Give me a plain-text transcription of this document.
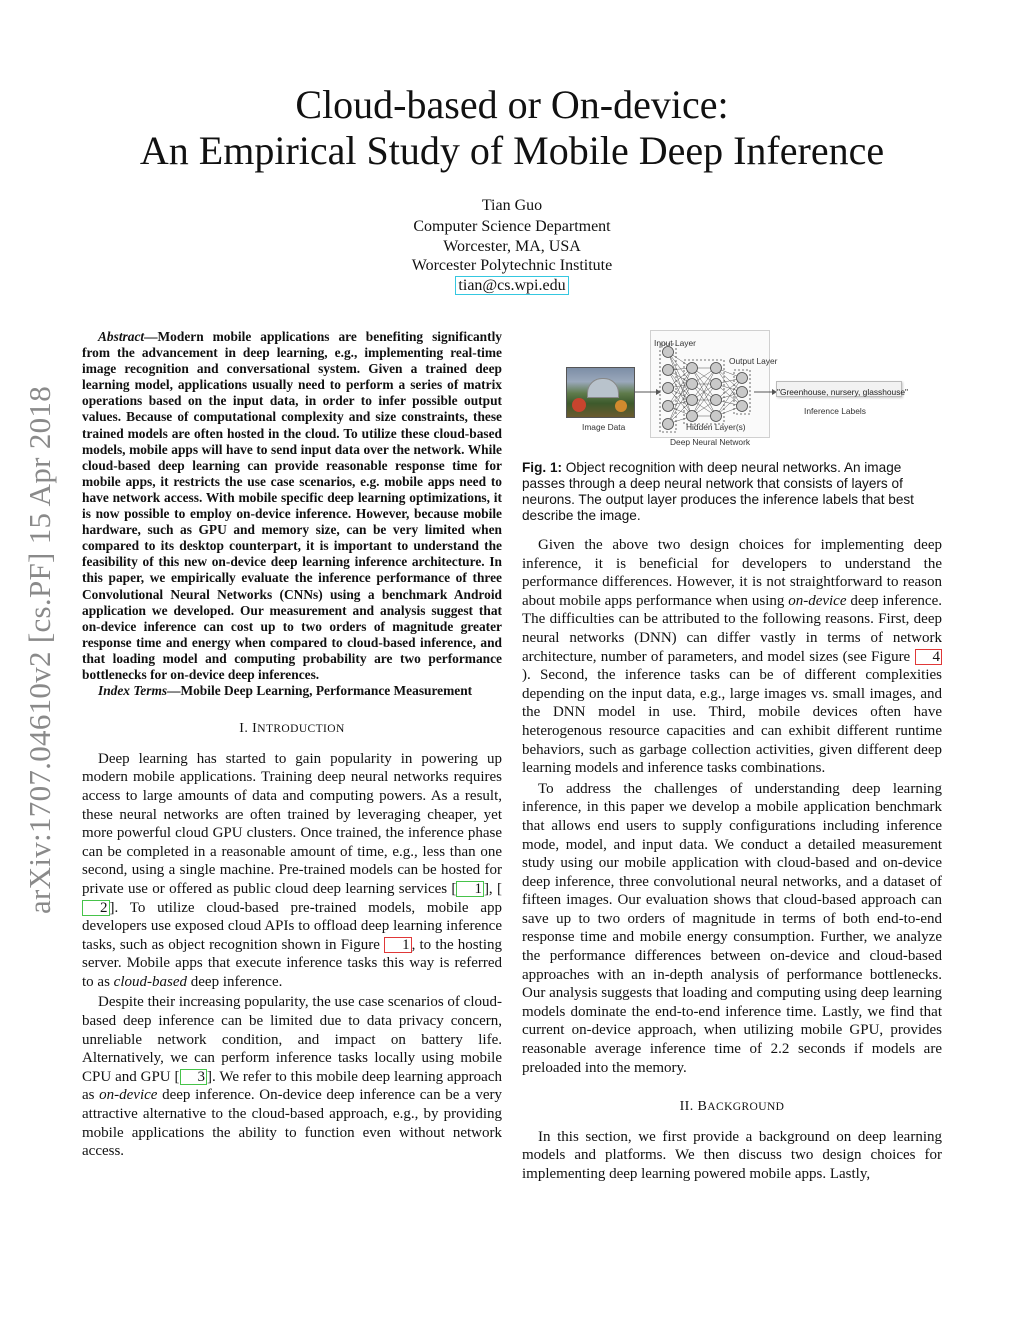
arXiv:1707.04610v2 [cs.PF] 15 Apr 2018
Cloud-based or On-device:
An Empirical Study of Mobile Deep Inference
Tian Guo
Computer Science Department
Worcester, MA, USA
Worcester Polytechnic Institute
tian@cs.wpi.edu

Abstract—Modern mobile applications are benefiting significantly from the advancement in deep learning, e.g., implementing real-time image recognition and conversational system. Given a trained deep learning model, applications usually need to perform a series of matrix operations based on the input data, in order to infer possible output values. Because of computational complexity and size constraints, these trained models are often hosted in the cloud. To utilize these cloud-based models, mobile apps will have to send input data over the network. While cloud-based deep learning can provide reasonable response time for mobile apps, it restricts the use case scenarios, e.g. mobile apps need to have network access. With mobile specific deep learning optimizations, it is now possible to employ on-device inference. However, because mobile hardware, such as GPU and memory size, can be very limited when compared to its desktop counterpart, it is important to understand the feasibility of this new on-device deep learning inference architecture. In this paper, we empirically evaluate the inference performance of three Convolutional Neural Networks (CNNs) using a benchmark Android application we developed. Our measurement and analysis suggest that on-device inference can cost up to two orders of magnitude greater response time and energy when compared to cloud-based inference, and that loading model and computing probability are two performance bottlenecks for on-device deep inferences.

Index Terms—Mobile Deep Learning, Performance Measurement

I. INTRODUCTION

Deep learning has started to gain popularity in powering up modern mobile applications. Training deep neural networks requires access to large amounts of data and computing powers. As a result, these neural networks are often trained by leveraging cheaper, yet more powerful cloud GPU clusters. Once trained, the inference phase can be completed in a reasonable amount of time, e.g., less than one second, using a single machine. Pre-trained models can be hosted for private use or offered as public cloud deep learning services [ 1 ], [2 ]. To utilize cloud-based pre-trained models, mobile app developers use exposed cloud APIs to offload deep learning inference tasks, such as object recognition shown in Figure 1 , to the hosting server. Mobile apps that execute inference tasks this way is referred to as cloud-based deep inference.

Despite their increasing popularity, the use case scenarios of cloud-based deep inference can be limited due to data privacy concern, unreliable network condition, and impact on battery life. Alternatively, we can perform inference tasks locally using mobile CPU and GPU [ 3 ]. We refer to this mobile deep learning approach as on-device deep inference. On-device deep inference can be a very attractive alternative to the cloud-based approach, e.g., by providing mobile applications the ability to function even without network access.

Image Data
Input Layer
Output Layer
Hidden Layer(s)
Deep Neural Network
"Greenhouse, nursery, glasshouse"
Inference Labels

Fig. 1: Object recognition with deep neural networks. An image passes through a deep neural network that consists of layers of neurons. The output layer produces the inference labels that best describe the image.

Given the above two design choices for implementing deep inference, it is beneficial for developers to understand the performance differences. However, it is not straightforward to reason about mobile apps performance when using on-device deep inference. The difficulties can be attributed to the following reasons. First, deep neural networks (DNN) can differ vastly in terms of network architecture, number of parameters, and model sizes (see Figure 4). Second, the inference tasks can be of different complexities depending on the input data, e.g., large images vs. small images, and the DNN model in use. Third, mobile devices often have heterogenous resource capacities and can exhibit different runtime behaviors, such as garbage collection activities, given different deep learning models and inference tasks combinations.

To address the challenges of understanding deep learning inference, in this paper we develop a mobile application benchmark that allows end users to supply configurations including inference mode, model, and input data. We conduct a detailed measurement study using our mobile application with cloud-based and on-device deep inference, three convolutional neural networks, and a dataset of fifteen images. Our evaluation shows that cloud-based approach can save up to two orders of magnitude in terms of both end-to-end response time and mobile energy consumption. Further, we analyze the performance differences between on-device and cloud-based approaches with an in-depth analysis of performance bottlenecks. Our analysis suggests that loading and computing using deep learning models dominate the end-to-end inference time. Lastly, we find that current on-device approach, when utilizing mobile GPU, provides reasonable average inference time of 2.2 seconds if models are preloaded into the memory.

II. BACKGROUND

In this section, we first provide a background on deep learning models and platforms. We then discuss two design choices for implementing deep learning powered mobile apps. Lastly,
